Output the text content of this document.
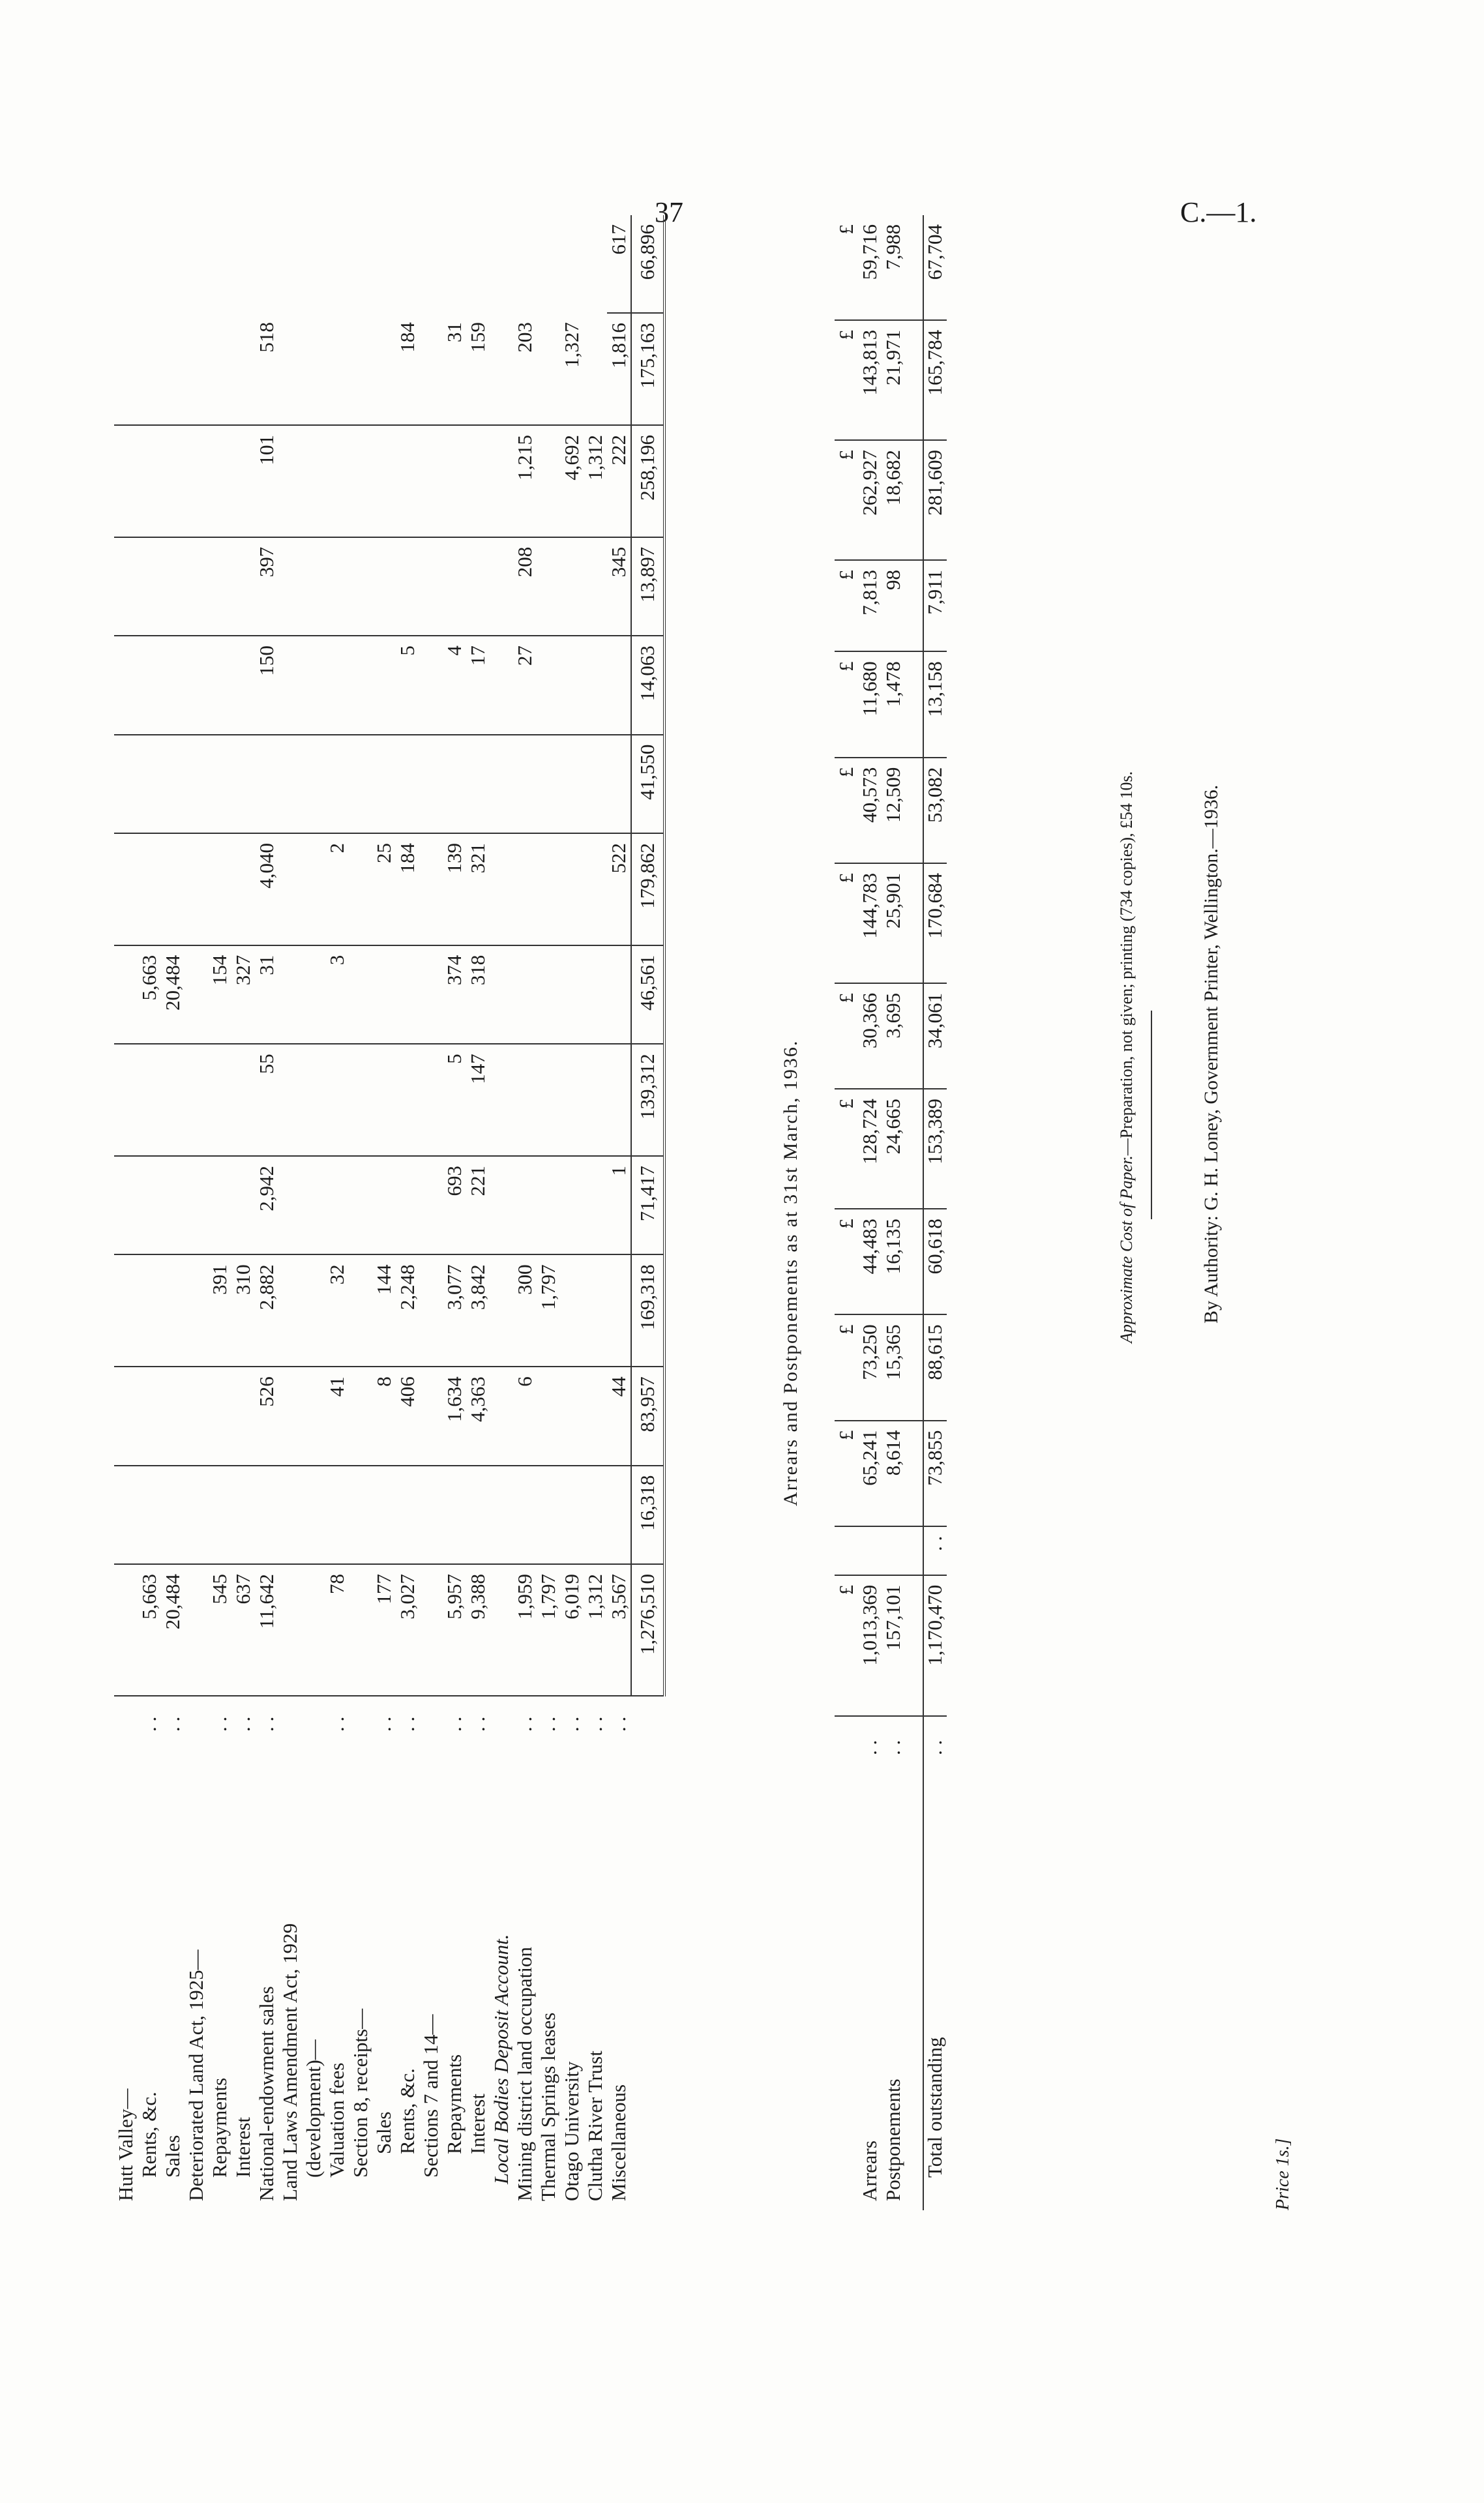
37	C.—1.
Hutt Valley—															
Rents, &c.	. .	5,663						5,663							
Sales	. .	20,484						20,484							
Deteriorated Land Act, 1925—															
Repayments	. .	545			391			154							
Interest	. .	637			310			327							
National-endowment sales	. .	11,642		526	2,882	2,942	55	31	4,040		150	397	101	518	
Land Laws Amendment Act, 1929															
(development)—															
Valuation fees	. .	78		41	32			3	2						
Section 8, receipts—															
Sales	. .	177		8	144				25						
Rents, &c.	. .	3,027		406	2,248				184		5			184	
Sections 7 and 14—															
Repayments	. .	5,957		1,634	3,077	693	5	374	139		4			31	
Interest	. .	9,388		4,363	3,842	221	147	318	321		17			159	
Local Bodies Deposit Account.															
Mining district land occupation	. .	1,959		6	300						27	208	1,215	203	
Thermal Springs leases	. .	1,797			1,797										
Otago University	. .	6,019											4,692	1,327	
Clutha River Trust	. .	1,312											1,312		
Miscellaneous	. .	3,567		44		1			522			345	222	1,816	617
		1,276,510	16,318	83,957	169,318	71,417	139,312	46,561	179,862	41,550	14,063	13,897	258,196	175,163	66,896
Arrears and Postponements as at 31st March, 1936.
		£		£	£	£	£	£	£	£	£	£	£	£	£
Arrears	. .	1,013,369		65,241	73,250	44,483	128,724	30,366	144,783	40,573	11,680	7,813	262,927	143,813	59,716
Postponements	. .	157,101		8,614	15,365	16,135	24,665	3,695	25,901	12,509	1,478	98	18,682	21,971	7,988

Total outstanding	. .	1,170,470	. .	73,855	88,615	60,618	153,389	34,061	170,684	53,082	13,158	7,911	281,609	165,784	67,704
Approximate Cost of Paper.—Preparation, not given; printing (734 copies), £54 10s.	By Authority: G. H. Loney, Government Printer, Wellington.—1936.
Price 1s.]
